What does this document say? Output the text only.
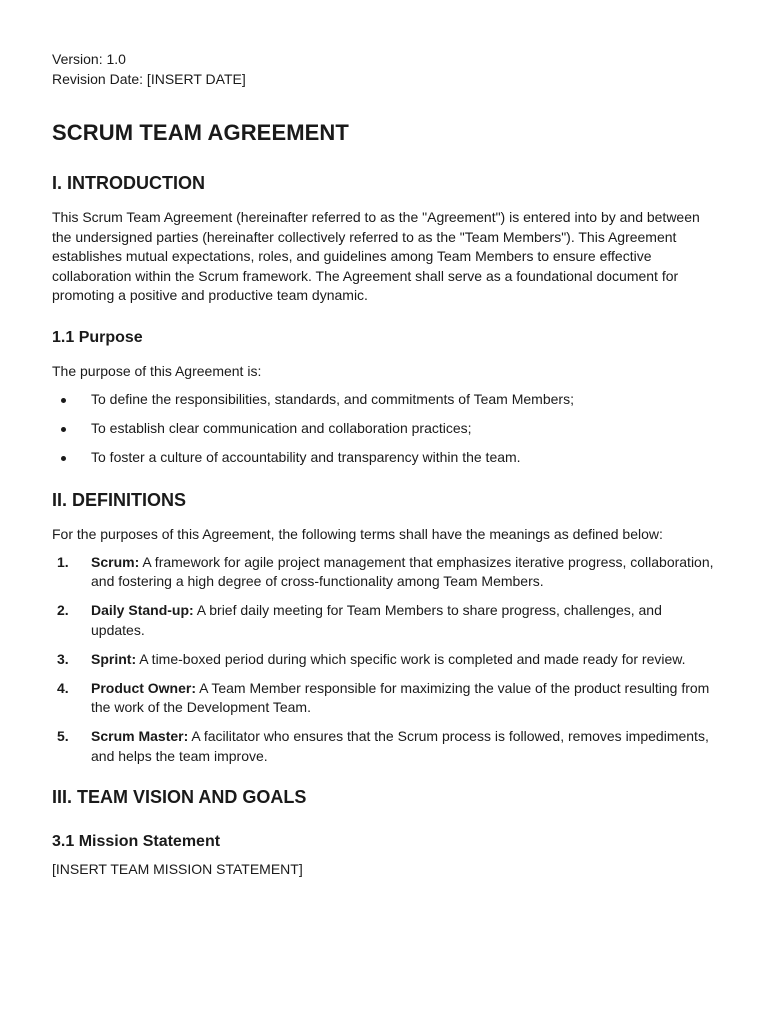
Version: 1.0

Revision Date: [INSERT DATE]

SCRUM TEAM AGREEMENT
I. INTRODUCTION

This Scrum Team Agreement (hereinafter referred to as the "Agreement") is entered into by and between the undersigned parties (hereinafter collectively referred to as the "Team Members"). This Agreement establishes mutual expectations, roles, and guidelines among Team Members to ensure effective collaboration within the Scrum framework. The Agreement shall serve as a foundational document for promoting a positive and productive team dynamic.

1.1 Purpose

The purpose of this Agreement is:

To define the responsibilities, standards, and commitments of Team Members;
To establish clear communication and collaboration practices;
To foster a culture of accountability and transparency within the team.
II. DEFINITIONS

For the purposes of this Agreement, the following terms shall have the meanings as defined below:

1. Scrum: A framework for agile project management that emphasizes iterative progress, collaboration, and fostering a high degree of cross-functionality among Team Members.
2. Daily Stand-up: A brief daily meeting for Team Members to share progress, challenges, and updates.
3. Sprint: A time-boxed period during which specific work is completed and made ready for review.
4. Product Owner: A Team Member responsible for maximizing the value of the product resulting from the work of the Development Team.
5. Scrum Master: A facilitator who ensures that the Scrum process is followed, removes impediments, and helps the team improve.
III. TEAM VISION AND GOALS
3.1 Mission Statement

[INSERT TEAM MISSION STATEMENT]
